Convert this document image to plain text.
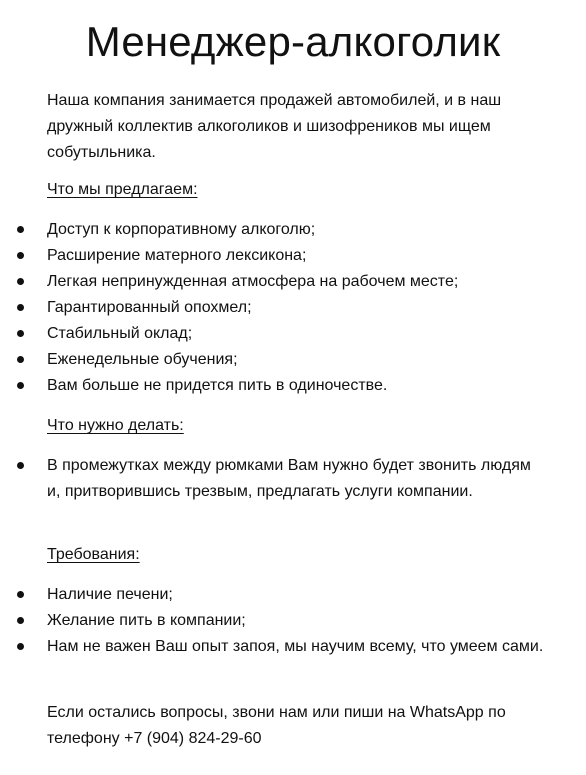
Менеджер-алкоголик

Наша компания занимается продажей автомобилей, и в наш дружный коллектив алкоголиков и шизофреников мы ищем собутыльника.

Что мы предлагаем:

Доступ к корпоративному алкоголю;
Расширение матерного лексикона;
Легкая непринужденная атмосфера на рабочем месте;
Гарантированный опохмел;
Стабильный оклад;
Еженедельные обучения;
Вам больше не придется пить в одиночестве.

Что нужно делать:

В промежутках между рюмками Вам нужно будет звонить людям и, притворившись трезвым, предлагать услуги компании.

Требования:

Наличие печени;
Желание пить в компании;
Нам не важен Ваш опыт запоя, мы научим всему, что умеем сами.

Если остались вопросы, звони нам или пиши на WhatsApp по телефону +7 (904) 824-29-60
